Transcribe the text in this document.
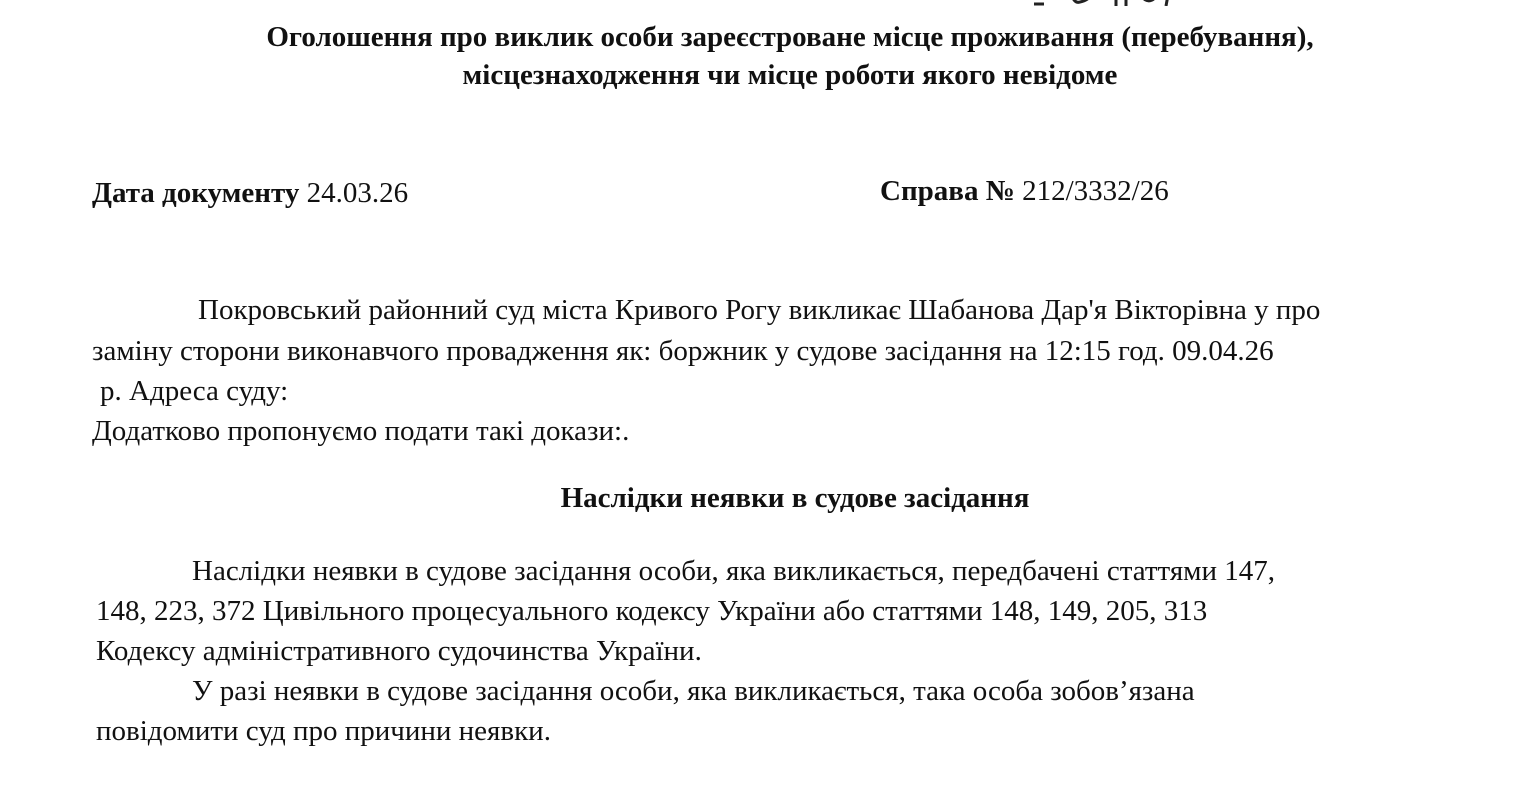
Оголошення про виклик особи зареєстроване місце проживання (перебування),
місцезнаходження чи місце роботи якого невідоме
Дата документу 24.03.26	Справа № 212/3332/26
Покровський районний суд міста Кривого Рогу викликає Шабанова Дар'я Вікторівна у про
заміну сторони виконавчого провадження як: боржник у судове засідання на 12:15 год. 09.04.26
р. Адреса суду:
Додатково пропонуємо подати такі докази:.
Наслідки неявки в судове засідання
Наслідки неявки в судове засідання особи, яка викликається, передбачені статтями 147,
148, 223, 372 Цивільного процесуального кодексу України або статтями 148, 149, 205, 313
Кодексу адміністративного судочинства України.
У разі неявки в судове засідання особи, яка викликається, така особа зобов’язана
повідомити суд про причини неявки.
